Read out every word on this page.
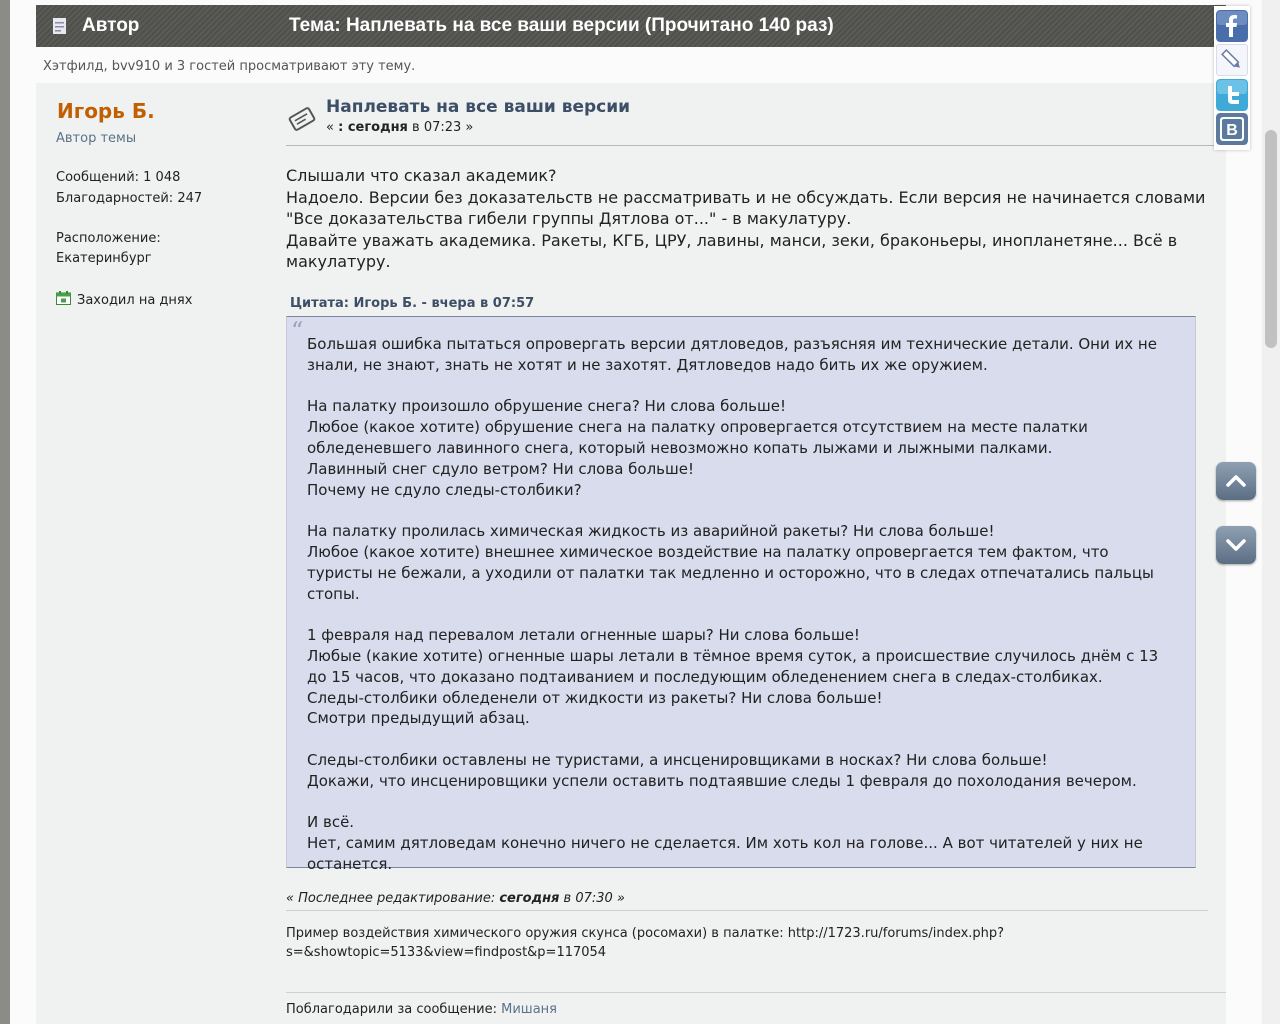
Автор	Тема: Наплевать на все ваши версии (Прочитано 140 раз)
Хэтфилд, bvv910 и 3 гостей просматривают эту тему.
Игорь Б.
Автор темы
Сообщений: 1 048
Благодарностей: 247
Расположение:
Екатеринбург
Заходил на днях
Наплевать на все ваши версии
« : сегодня в 07:23 »
Слышали что сказал академик?
Надоело. Версии без доказательств не рассматривать и не обсуждать. Если версия не начинается словами "Все доказательства гибели группы Дятлова от..." - в макулатуру.
Давайте уважать академика. Ракеты, КГБ, ЦРУ, лавины, манси, зеки, браконьеры, инопланетяне... Всё в макулатуру.
Цитата: Игорь Б. - вчера в 07:57
“ Большая ошибка пытаться опровергать версии дятловедов, разъясняя им технические детали. Они их не знали, не знают, знать не хотят и не захотят. Дятловедов надо бить их же оружием.
На палатку произошло обрушение снега? Ни слова больше!
Любое (какое хотите) обрушение снега на палатку опровергается отсутствием на месте палатки обледеневшего лавинного снега, который невозможно копать лыжами и лыжными палками.
Лавинный снег сдуло ветром? Ни слова больше!
Почему не сдуло следы-столбики?
На палатку пролилась химическая жидкость из аварийной ракеты? Ни слова больше!
Любое (какое хотите) внешнее химическое воздействие на палатку опровергается тем фактом, что туристы не бежали, а уходили от палатки так медленно и осторожно, что в следах отпечатались пальцы стопы.
1 февраля над перевалом летали огненные шары? Ни слова больше!
Любые (какие хотите) огненные шары летали в тёмное время суток, а происшествие случилось днём с 13 до 15 часов, что доказано подтаиванием и последующим обледенением снега в следах-столбиках.
Следы-столбики обледенели от жидкости из ракеты? Ни слова больше!
Смотри предыдущий абзац.
Следы-столбики оставлены не туристами, а инсценировщиками в носках? Ни слова больше!
Докажи, что инсценировщики успели оставить подтаявшие следы 1 февраля до похолодания вечером.
И всё.
Нет, самим дятловедам конечно ничего не сделается. Им хоть кол на голове... А вот читателей у них не останется.
« Последнее редактирование: сегодня в 07:30 »
Пример воздействия химического оружия скунса (росомахи) в палатке: http://1723.ru/forums/index.php?s=&showtopic=5133&view=findpost&p=117054
Поблагодарили за сообщение: Мишаня
B
